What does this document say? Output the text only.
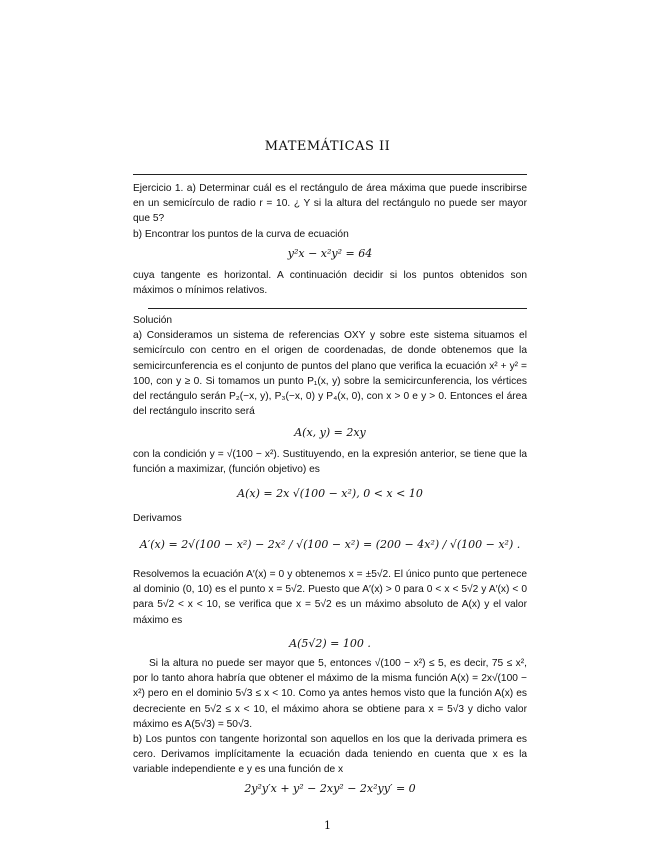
MATEMÁTICAS II

Ejercicio 1. a) Determinar cuál es el rectángulo de área máxima que puede inscribirse en un semicírculo de radio r = 10. ¿ Y si la altura del rectángulo no puede ser mayor que 5?

b) Encontrar los puntos de la curva de ecuación

y²x − x²y² = 64

cuya tangente es horizontal. A continuación decidir si los puntos obtenidos son máximos o mínimos relativos.

Solución

a) Consideramos un sistema de referencias OXY y sobre este sistema situamos el semicírculo con centro en el origen de coordenadas, de donde obtenemos que la semicircunferencia es el conjunto de puntos del plano que verifica la ecuación x² + y² = 100, con y ≥ 0. Si tomamos un punto P₁(x, y) sobre la semicircunferencia, los vértices del rectángulo serán P₂(−x, y), P₃(−x, 0) y P₄(x, 0), con x > 0 e y > 0. Entonces el área del rectángulo inscrito será

A(x, y) = 2xy

con la condición y = √(100 − x²). Sustituyendo, en la expresión anterior, se tiene que la función a maximizar, (función objetivo) es

A(x) = 2x √(100 − x²), 0 < x < 10

Derivamos

A′(x) = 2√(100 − x²) − 2x² / √(100 − x²) = (200 − 4x²) / √(100 − x²) .

Resolvemos la ecuación A′(x) = 0 y obtenemos x = ±5√2. El único punto que pertenece al dominio (0, 10) es el punto x = 5√2. Puesto que A′(x) > 0 para 0 < x < 5√2 y A′(x) < 0 para 5√2 < x < 10, se verifica que x = 5√2 es un máximo absoluto de A(x) y el valor máximo es

A(5√2) = 100 .

Si la altura no puede ser mayor que 5, entonces √(100 − x²) ≤ 5, es decir, 75 ≤ x², por lo tanto ahora habría que obtener el máximo de la misma función A(x) = 2x√(100 − x²) pero en el dominio 5√3 ≤ x < 10. Como ya antes hemos visto que la función A(x) es decreciente en 5√2 ≤ x < 10, el máximo ahora se obtiene para x = 5√3 y dicho valor máximo es A(5√3) = 50√3.

b) Los puntos con tangente horizontal son aquellos en los que la derivada primera es cero. Derivamos implícitamente la ecuación dada teniendo en cuenta que x es la variable independiente e y es una función de x

2y²y′x + y² − 2xy² − 2x²yy′ = 0
1
